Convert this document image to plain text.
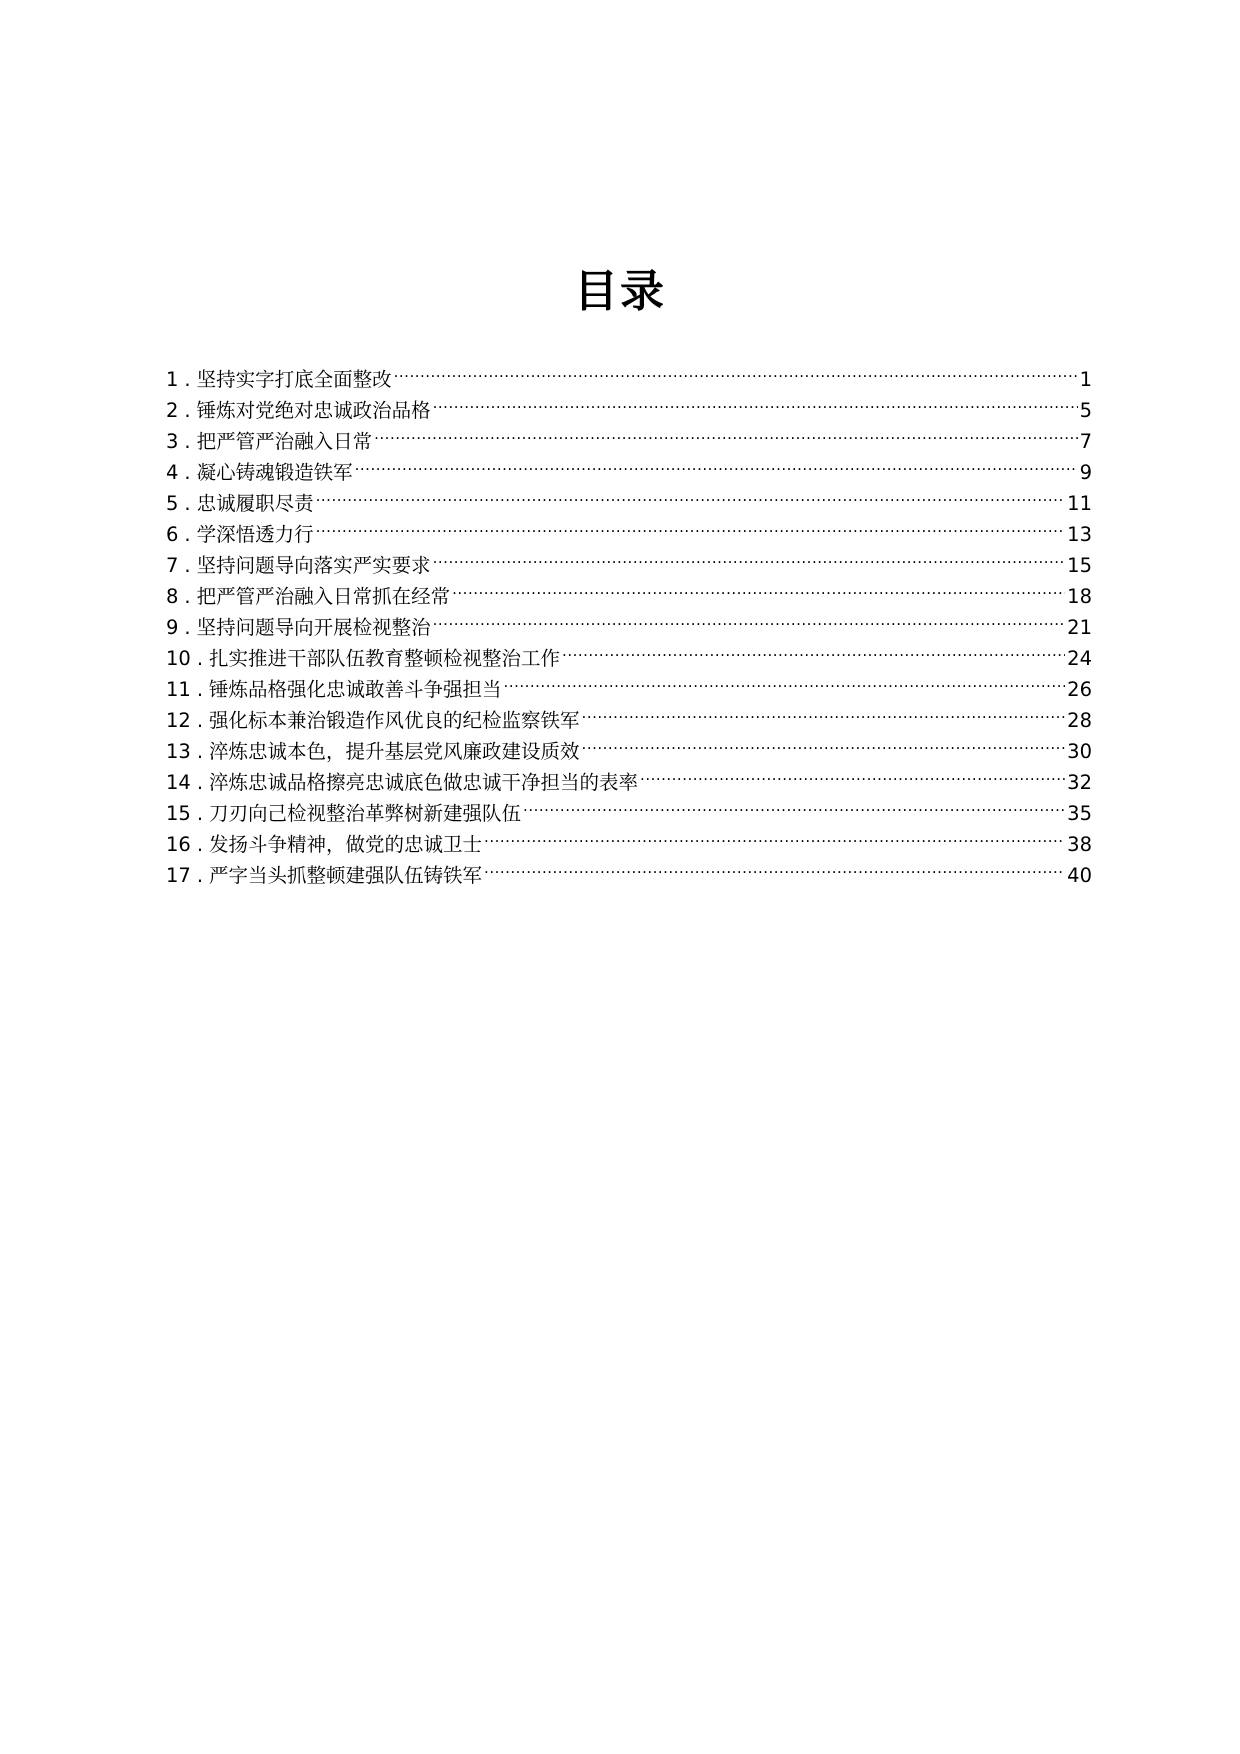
目录
1 . 坚持实字打底全面整改 .....	1
2 . 锤炼对党绝对忠诚政治品格 .....	5
3 . 把严管严治融入日常 .....	7
4 . 凝心铸魂锻造铁军 .....	9
5 . 忠诚履职尽责 .....	11
6 . 学深悟透力行 .....	13
7 . 坚持问题导向落实严实要求 .....	15
8 . 把严管严治融入日常抓在经常 .....	18
9 . 坚持问题导向开展检视整治 .....	21
10 . 扎实推进干部队伍教育整顿检视整治工作 .....	24
11 . 锤炼品格强化忠诚敢善斗争强担当 .....	26
12 . 强化标本兼治锻造作风优良的纪检监察铁军 .....	28
13 . 淬炼忠诚本色，提升基层党风廉政建设质效 .....	30
14 . 淬炼忠诚品格擦亮忠诚底色做忠诚干净担当的表率 .....	32
15 . 刀刃向己检视整治革弊树新建强队伍 .....	35
16 . 发扬斗争精神，做党的忠诚卫士 .....	38
17 . 严字当头抓整顿建强队伍铸铁军 .....	40
